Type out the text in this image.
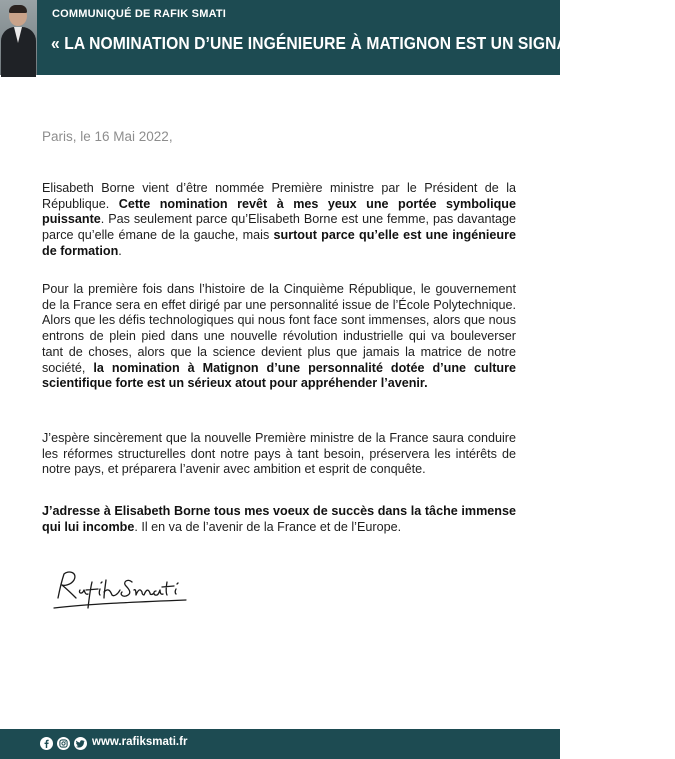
COMMUNIQUÉ DE RAFIK SMATI
« LA NOMINATION D’UNE INGÉNIEURE À MATIGNON EST UN SIGNAL PUISSANT »
Paris, le 16 Mai 2022,

Elisabeth Borne vient d’être nommée Première ministre par le Président de la République. Cette nomination revêt à mes yeux une portée symbolique puissante. Pas seulement parce qu’Elisabeth Borne est une femme, pas davantage parce qu’elle émane de la gauche, mais surtout parce qu’elle est une ingénieure de formation.

Pour la première fois dans l’histoire de la Cinquième République, le gouvernement de la France sera en effet dirigé par une personnalité issue de l’École Polytechnique. Alors que les défis technologiques qui nous font face sont immenses, alors que nous entrons de plein pied dans une nouvelle révolution industrielle qui va bouleverser tant de choses, alors que la science devient plus que jamais la matrice de notre société, la nomination à Matignon d’une personnalité dotée d’une culture scientifique forte est un sérieux atout pour appréhender l’avenir.

J’espère sincèrement que la nouvelle Première ministre de la France saura conduire les réformes structurelles dont notre pays à tant besoin, préservera les intérêts de notre pays, et préparera l’avenir avec ambition et esprit de conquête.

J’adresse à Elisabeth Borne tous mes voeux de succès dans la tâche immense qui lui incombe. Il en va de l’avenir de la France et de l’Europe.

www.rafiksmati.fr
